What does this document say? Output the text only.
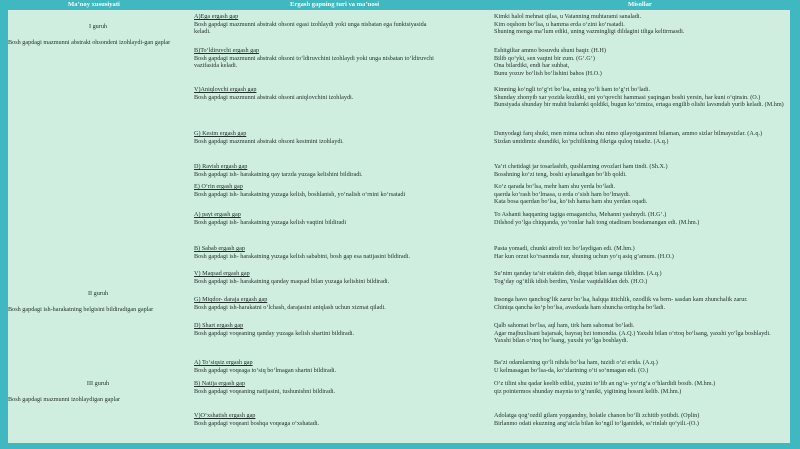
Ma’noy xususiyati	Ergash gapning turi va ma’nosi	Misollar
I guruh
Bosh gapdagi mazmunni abstrakt ohsondeni izohlaydi-gan gaplar
II guruh
Bosh gapdagi ish-harakatning belgisini bildiradigan gaplar
III guruh
Bosh gapdagi mazmunni izohlaydigan gaplar
A)Ega ergash gap
Bosh gapdagi mazmunni abstrakt ohsoni egasi izohlaydi yoki unga nisbatan ega funktsiyasida
keladi.
B)To‘ldiruvchi ergash gap
Bosh gapdagi mazmunni abstrakt ohsoni to‘ldiruvchini izohlaydi yoki unga nisbatan to‘ldiruvchi
vazifasida keladi.
V)Aniqlovchi ergash gap
Bosh gapdagi mazmunni abstrakt ohsoni aniqlovchini izohlaydi.
G) Kesim ergash gap
Bosh gapdagi mazmunni abstrakt ohsoni kesimini izohlaydi.
D) Ravish ergash gap
Bosh gapdagi ish- harakatning qay tarzda yuzaga kelishini bildiradi.
E) O‘rin ergash gap
Bosh gapdagi ish- harakatning yuzaga kelish, boshlanish, yo‘nalish o‘rnini ko‘rsatadi
A) payt ergash gap
Bosh gapdagi ish- harakatning yuzaga kelish vaqtini bildiradi
B) Sabab ergash gap
Bosh gapdagi ish- harakatning yuzaga kelish sababini, bosh gap esa natijasini bildiradi.
V) Maqsad ergash gap
Bosh gapdagi ish- harakatning qanday maqsad bilan yuzaga kelishini bildiradi.
G) Miqdor- daraja ergash gap
Bosh gapdagi ish-harakatni o‘lchash, darajasini aniqlash uchun xizmat qiladi.
D) Shart ergash gap
Bosh gapdagi voqeaning qanday yuzaga kelish shartini bildiradi.
A) To‘siqsiz ergash gap
Bosh gapdagi voqeaga to‘siq bo‘lmagan shartni bildiradi.
B) Natija ergash gap
Bosh gapdagi voqeaning natijasini, tushunishni bildiradi.
V)O‘xshatish ergash gap
Bosh gapdagi voqeani boshqa voqeaga o‘xshatadi.
Kimki halol mehnat qilsa, u Vatanning muhtarami sanaladi.
Kim oqshom bo‘lsa, u hamma erda o‘zini ko‘rsatadi.
Shuning menga ma’lum ediki, uning vazmingligi dildagini tiliga keltirmasdi.
Eshitgiltar ammo bosuvdu shuni baqir. (H.H)
Bilib qo‘yki, sen vaqtni bir zum. (G‘.G‘)
Ona bilardiki, endi har suhbat,
Bunu yozuv bo‘lish bo‘lishini bahos (H.O.)
Kimning ko‘ngli to‘g‘ri bo‘lsa, uning yo‘li ham to‘g‘ri bo‘ladi.
Shunday zhonyib xar yozida kezdiki, uni yo‘qovchi hammasi yaqingan boshi yersin, har kuni o‘qinsin. (O.)
Bunsiyada shunday bir muhit bularnki qoldiki, bugun ko‘zimiza, ertaga engilib olishi lavsmdab yurib keladi. (M.hm)
Dunyodagi farq shuki, men mima uchun shu nimo qilayotganimni bilaman, ammo sizlar bilmaysizlar. (A.q.)
Sizdan umidimiz shundiki, ko‘pchilikning fikriga quloq tutadiz. (A.q.)
Ya’ri chetidagi jar tosarlashib, qushlarning ovozlari ham tindi. (Sh.X.)
Bosshning ko‘zi teng, boshi aylanadigan bo‘lib qoldi.
Ko‘z qarada bo‘lsa, mehr ham shu yerda bo‘ladi.
qaerda ko‘rash bo‘lmasa, u erda o‘sish ham bo‘lmaydi.
Kata bosa qaerdan bo‘lsa, ko‘ish hama ham shu yerdan oqadi.
To Ashanti haqqaning tagiga emaganicha, Mehanni yashnydi. (H.G‘.)
Dilshod yo‘lga chiqqanda, yo‘ronlar hali tong otadiram bosdamangan edi. (M.hm.)
Pasta yomadi, chunki atrofi tez bo‘laydigan edi. (M.hm.)
Har kun orzut ko‘rsanmda nur, shuning uchun yo‘q asiq g‘amum. (H.O.)
Su’nim qanday ta’sir etaktin deb, diqqat bilan sanga tikildim. (A.q.)
Tog‘day og‘itlik idish berdim, Yeslar vaqtdaliklan deb. (H.O.)
Insonga havo qanchog‘lik zarur bo‘lsa, halqqa ittichlik, ozodlik va bern- sasdan kam zhunchalik zarur.
Chiniqa qancha ko‘p bo‘lsa, avaxkada ham shuncha ortiqcha bo‘ladi.
Qalb sahomat bo‘lsa, aql ham, tirk ham sahomat bo‘ladi.
Agar majbuxlisani bajarsak, bayraq bzi tomondia. (A.Q.) Yaxshi bilan o‘rtoq bo‘lsang, yaxshi yo‘lga boshlaydi. Yaxshi bilan o‘rtoq bo‘lsang, yaxshi yo‘lga boshlaydi.
Ba’zi odamlarning qo‘li nihda bo‘lsa ham, tuzidi o‘zi erida. (A.q.)
U kelmasagan bo‘lsa-da, ko‘zlarining o‘ti so‘nmagan edi. (O.)
O‘z tilini shu qadar keelib edilsi, yuzini to‘lib an ng‘a- yo‘rig‘a o‘hlardidi bosib. (M.hm.)
qiz pointermos shunday maynia to‘g‘raniki, yigitning hossni kelib. (M.hm.)
Adolatga qog‘ozdil gilam yopgandny, holatle chanon bo‘lli zchitib yotibdi. (Oplin)
Birlanmo odati ekuzning ang‘aicla bilan ko‘ngil to‘lganidek, ss‘rinlab qo‘yili.-(O.)
